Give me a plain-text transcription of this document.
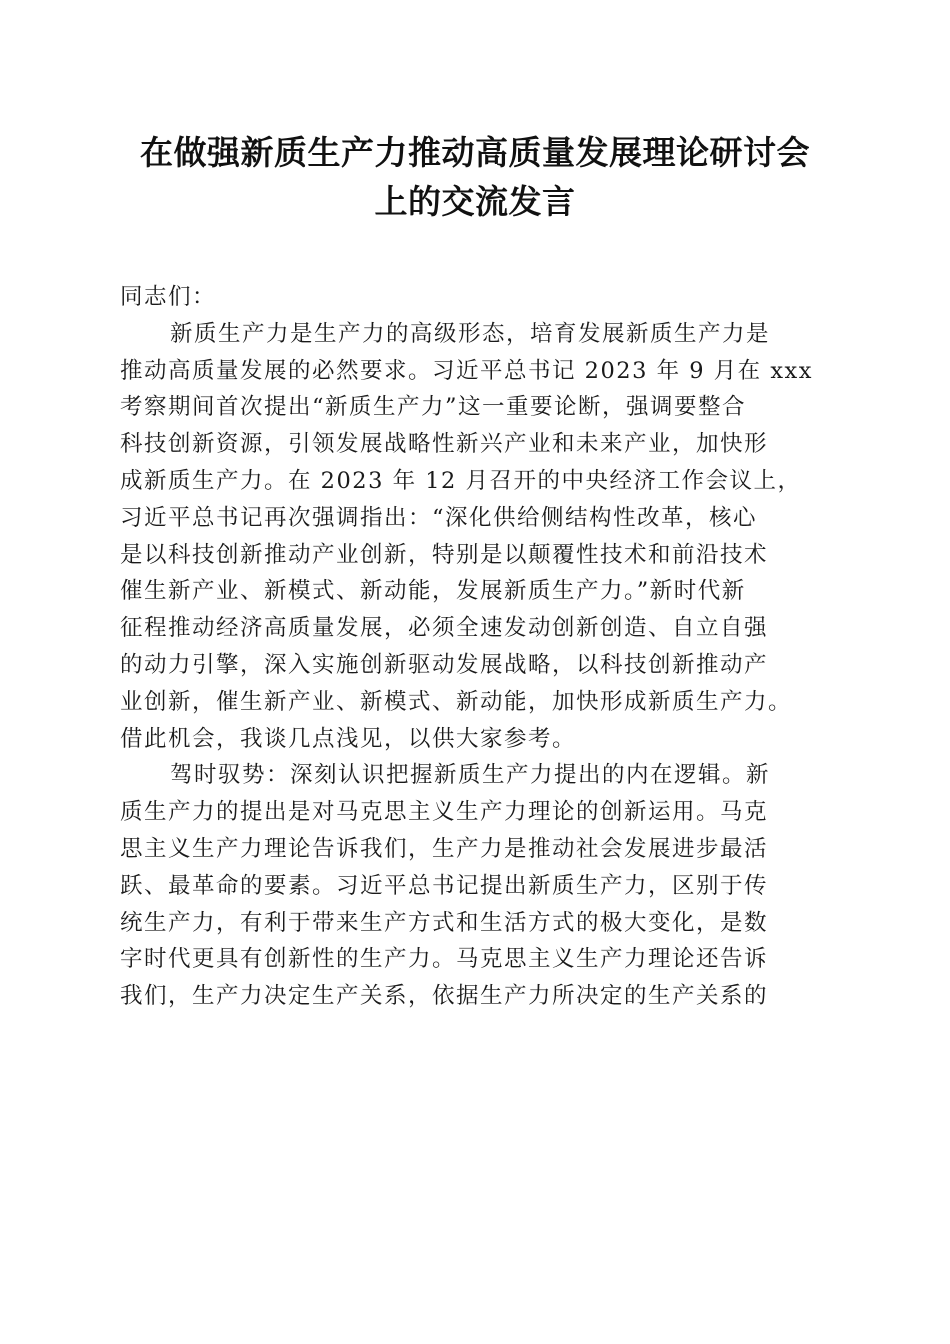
在做强新质生产力推动高质量发展理论研讨会
上的交流发言

同志们：

新质生产力是生产力的高级形态，培育发展新质生产力是
推动高质量发展的必然要求。习近平总书记 2023 年 9 月在 xxx
考察期间首次提出“新质生产力”这一重要论断，强调要整合
科技创新资源，引领发展战略性新兴产业和未来产业，加快形
成新质生产力。在 2023 年 12 月召开的中央经济工作会议上，
习近平总书记再次强调指出：“深化供给侧结构性改革，核心
是以科技创新推动产业创新，特别是以颠覆性技术和前沿技术
催生新产业、新模式、新动能，发展新质生产力。”新时代新
征程推动经济高质量发展，必须全速发动创新创造、自立自强
的动力引擎，深入实施创新驱动发展战略，以科技创新推动产
业创新，催生新产业、新模式、新动能，加快形成新质生产力。
借此机会，我谈几点浅见，以供大家参考。

驾时驭势：深刻认识把握新质生产力提出的内在逻辑。新
质生产力的提出是对马克思主义生产力理论的创新运用。马克
思主义生产力理论告诉我们，生产力是推动社会发展进步最活
跃、最革命的要素。习近平总书记提出新质生产力，区别于传
统生产力，有利于带来生产方式和生活方式的极大变化，是数
字时代更具有创新性的生产力。马克思主义生产力理论还告诉
我们，生产力决定生产关系，依据生产力所决定的生产关系的
